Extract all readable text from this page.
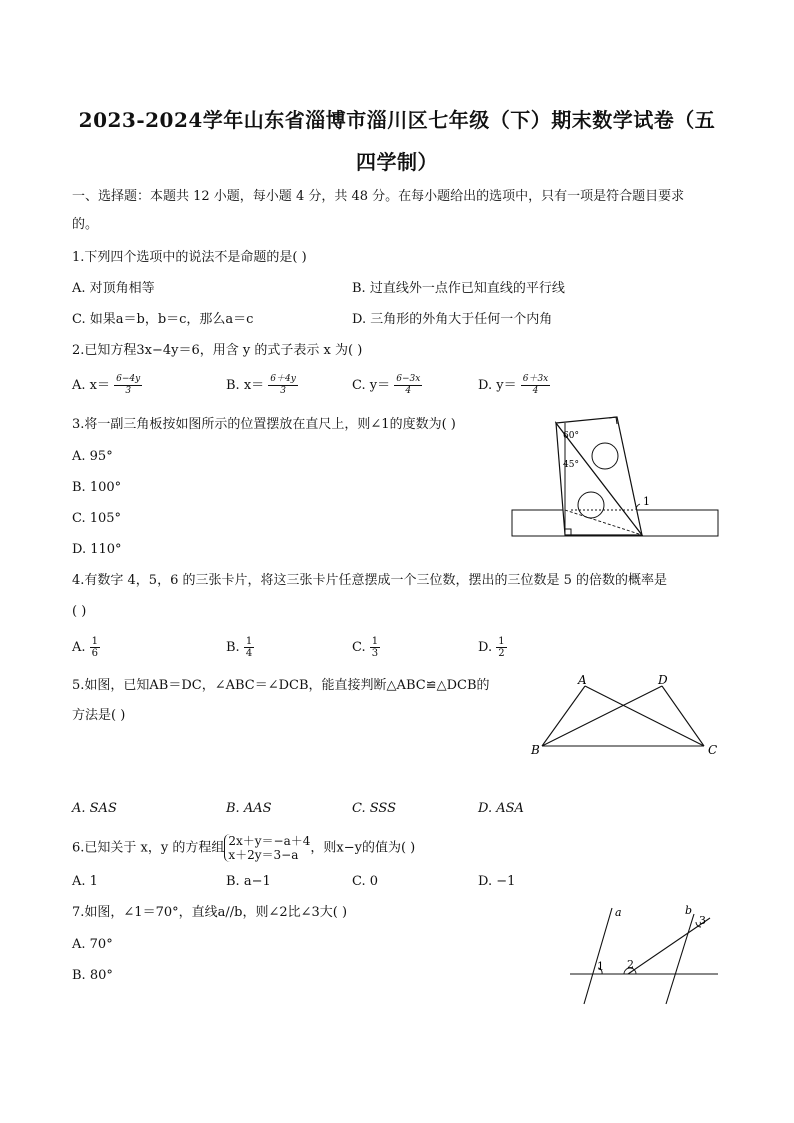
2023-2024学年山东省淄博市淄川区七年级（下）期末数学试卷（五
四学制）
一、选择题：本题共 12 小题，每小题 4 分，共 48 分。在每小题给出的选项中，只有一项是符合题目要求
的。
1.下列四个选项中的说法不是命题的是( )
A. 对顶角相等	B. 过直线外一点作已知直线的平行线
C. 如果a＝b，b＝c，那么a＝c	D. 三角形的外角大于任何一个内角
2.已知方程3x−4y＝6，用含 y 的式子表示 x 为( )
A. $x= \frac{6-4y}{3}$	B. $x= \frac{6+4y}{3}$	C. $y= \frac{6-3x}{4}$	D. $y= \frac{6+3x}{4}$
3.将一副三角板按如图所示的位置摆放在直尺上，则∠1的度数为( )
A. 95°
B. 100°
C. 105°
D. 110°
60°
45°
1
4.有数字 4，5，6 的三张卡片，将这三张卡片任意摆成一个三位数，摆出的三位数是 5 的倍数的概率是
( )
A. $\frac{1}{6}$	B. $\frac{1}{4}$	C. $\frac{1}{3}$	D. $\frac{1}{2}$
5.如图，已知AB＝DC，∠ABC＝∠DCB，能直接判断△ABC≌△DCB的
方法是( )
A	D
B	C
A. SAS	B. AAS	C. SSS	D. ASA
6.已知关于 x，y 的方程组 2x＋y＝−a＋4
x＋2y＝3−a ，则x−y的值为( )
A. 1	B. a−1	C. 0	D. −1
7.如图，∠1＝70°，直线a//b，则∠2比∠3大( )
A. 70°
B. 80°
a	b
1 2
3
